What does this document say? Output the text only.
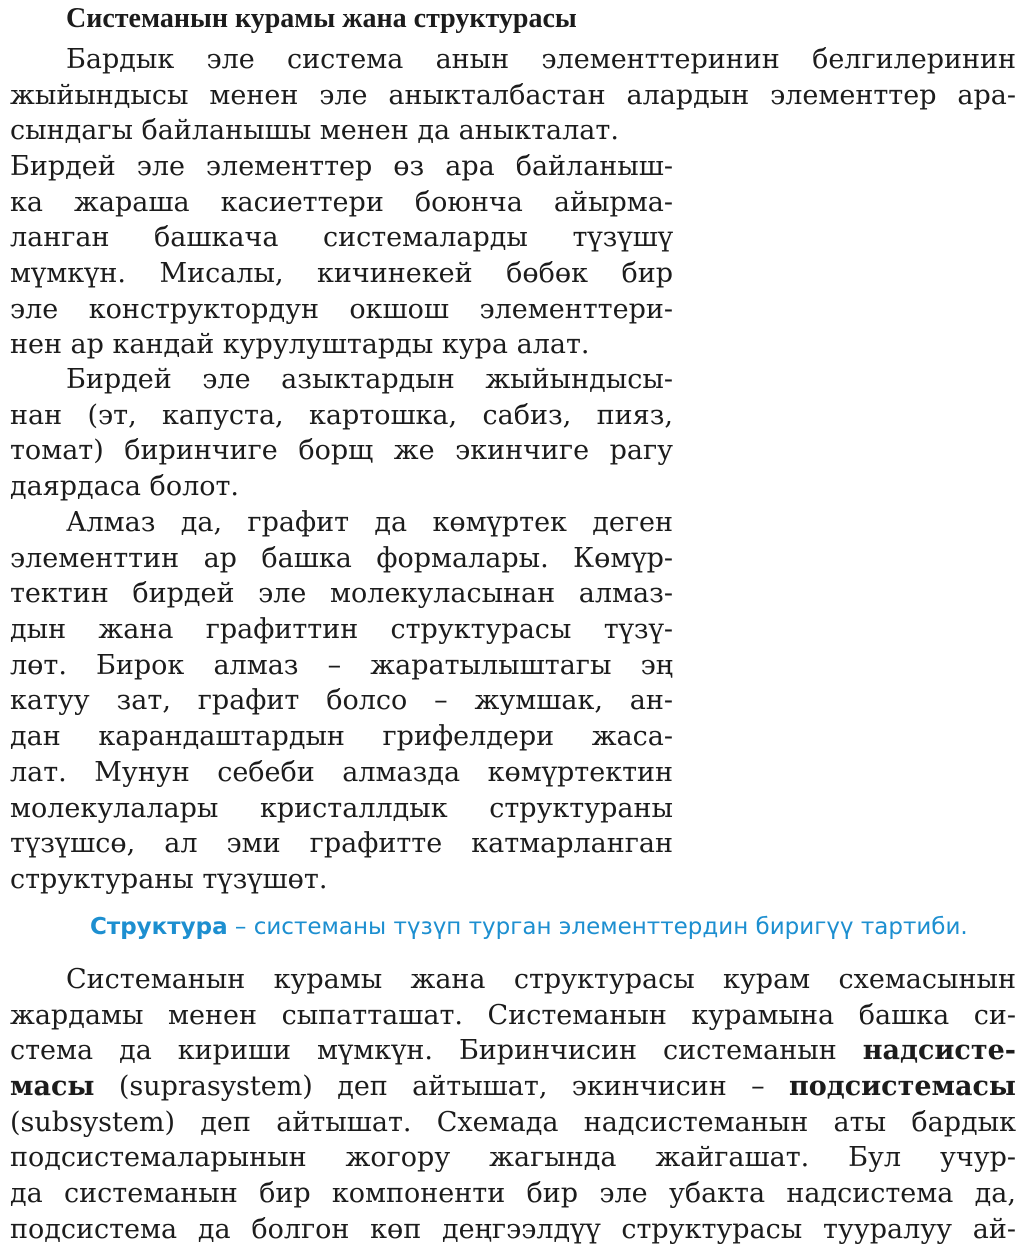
Системанын курамы жана структурасы

Бардык эле система анын элементтеринин белгилеринин
жыйындысы менен эле аныкталбастан алардын элементтер ара-
сындагы байланышы менен да аныкталат.

Бирдей эле элементтер өз ара байланыш-
ка жараша касиеттери боюнча айырма-
ланган башкача системаларды түзүшү
мүмкүн. Мисалы, кичинекей бөбөк бир
эле конструктордун окшош элементтери-
нен ар кандай курулуштарды кура алат.

Бирдей эле азыктардын жыйындысы-
нан (эт, капуста, картошка, сабиз, пияз,
томат) биринчиге борщ же экинчиге рагу
даярдаса болот.

Алмаз да, графит да көмүртек деген
элементтин ар башка формалары. Көмүр-
тектин бирдей эле молекуласынан алмаз-
дын жана графиттин структурасы түзү-
лөт. Бирок алмаз – жаратылыштагы эң
катуу зат, графит болсо – жумшак, ан-
дан карандаштардын грифелдери жаса-
лат. Мунун себеби алмазда көмүртектин
молекулалары кристаллдык структураны
түзүшсө, ал эми графитте катмарланган
структураны түзүшөт.

Структура – системаны түзүп турган элементтердин биригүү тартиби.

Системанын курамы жана структурасы курам схемасынын
жардамы менен сыпатташат. Системанын курамына башка си-
стема да кириши мүмкүн. Биринчисин системанын надсисте-
масы (suprasystem) деп айтышат, экинчисин – подсистемасы
(subsystem) деп айтышат. Схемада надсистеманын аты бардык
подсистемаларынын жогору жагында жайгашат. Бул учур-
да системанын бир компоненти бир эле убакта надсистема да,
подсистема да болгон көп деңгээлдүү структурасы тууралуу ай-
